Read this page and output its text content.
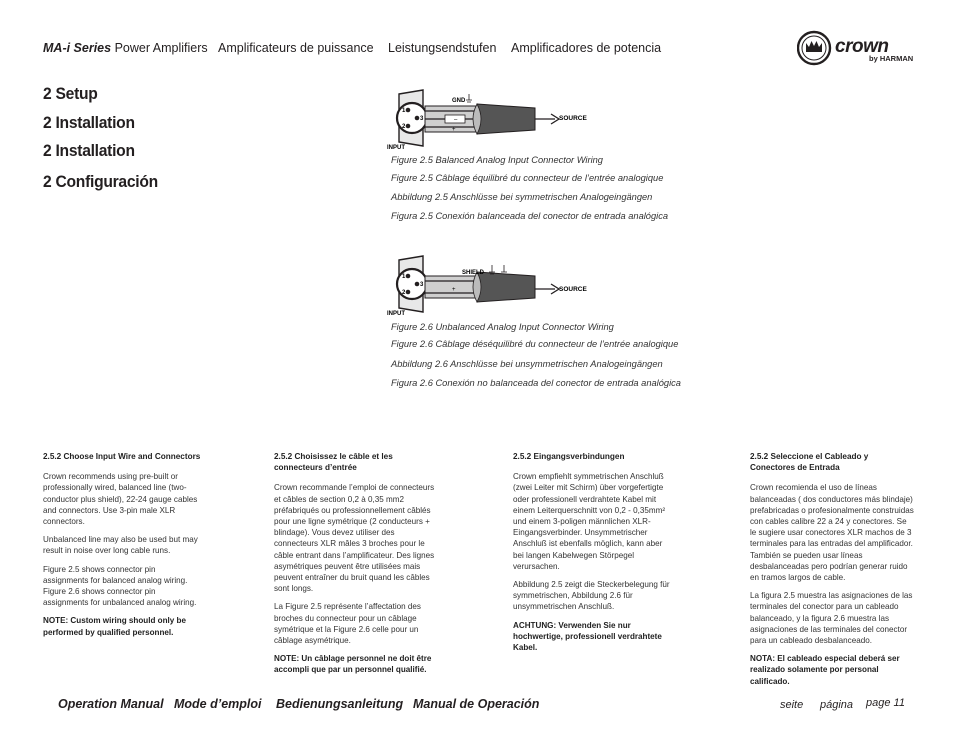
MA-i Series Power Amplifiers Amplificateurs de puissance Leistungsendstufen Amplificadores de potencia	crown
by HARMAN
2 Setup
2 Installation
2 Installation
2 Configuración
1
3
2
–
+
GND
SOURCE
INPUT
Figure 2.5 Balanced Analog Input Connector Wiring
Figure 2.5 Câblage équilibré du connecteur de l’entrée analogique
Abbildung 2.5 Anschlüsse bei symmetrischen Analogeingängen
Figura 2.5 Conexión balanceada del conector de entrada analógica
1
3
2	+
SHIELD
SOURCE
INPUT
Figure 2.6 Unbalanced Analog Input Connector Wiring
Figure 2.6 Câblage déséquilibré du connecteur de l’entrée analogique
Abbildung 2.6 Anschlüsse bei unsymmetrischen Analogeingängen
Figura 2.6 Conexión no balanceada del conector de entrada analógica
2.5.2 Choose Input Wire and Connectors

Crown recommends using pre-built or professionally wired, balanced line (two-conductor plus shield), 22-24 gauge cables and connectors. Use 3-pin male XLR connectors.

Unbalanced line may also be used but may result in noise over long cable runs.

Figure 2.5 shows connector pin assignments for balanced analog wiring. Figure 2.6 shows connector pin assignments for unbalanced analog wiring.

NOTE: Custom wiring should only be performed by qualified personnel.

2.5.2 Choisissez le câble et les connecteurs d’entrée

Crown recommande l’emploi de connecteurs et câbles de section 0,2 à 0,35 mm2 préfabriqués ou professionnellement câblés pour une ligne symétrique (2 conducteurs + blindage). Vous devez utiliser des connecteurs XLR mâles 3 broches pour le câble entrant dans l’amplificateur. Des lignes asymétriques peuvent être utilisées mais peuvent entraîner du bruit quand les câbles sont longs.

La Figure 2.5 représente l’affectation des broches du connecteur pour un câblage symétrique et la Figure 2.6 celle pour un câblage asymétrique.

NOTE: Un câblage personnel ne doit être accompli que par un personnel qualifié.

2.5.2 Eingangsverbindungen

Crown empfiehlt symmetrischen Anschluß (zwei Leiter mit Schirm) über vorgefertigte oder professionell verdrahtete Kabel mit einem Leiterquerschnitt von 0,2 - 0,35mm² und einem 3-poligen männlichen XLR-Eingangsverbinder. Unsymmetrischer Anschluß ist ebenfalls möglich, kann aber bei langen Kabelwegen Störpegel verursachen.

Abbildung 2.5 zeigt die Steckerbelegung für symmetrischen, Abbildung 2.6 für unsymmetrischen Anschluß.

ACHTUNG: Verwenden Sie nur hochwertige, professionell verdrahtete Kabel.

2.5.2 Seleccione el Cableado y Conectores de Entrada

Crown recomienda el uso de líneas balanceadas ( dos conductores más blindaje) prefabricadas o profesionalmente construidas con cables calibre 22 a 24 y conectores. Se le sugiere usar conectores XLR machos de 3 terminales para las entradas del amplificador. También se pueden usar líneas desbalanceadas pero podrían generar ruido en tramos largos de cable.

La figura 2.5 muestra las asignaciones de las terminales del conector para un cableado balanceado, y la figura 2.6 muestra las asignaciones de las terminales del conector para un cableado desbalanceado.

NOTA: El cableado especial deberá ser realizado solamente por personal calificado.

Operation Manual Mode d’emploi Bedienungsanleitung Manual de Operación	seite página page 11
